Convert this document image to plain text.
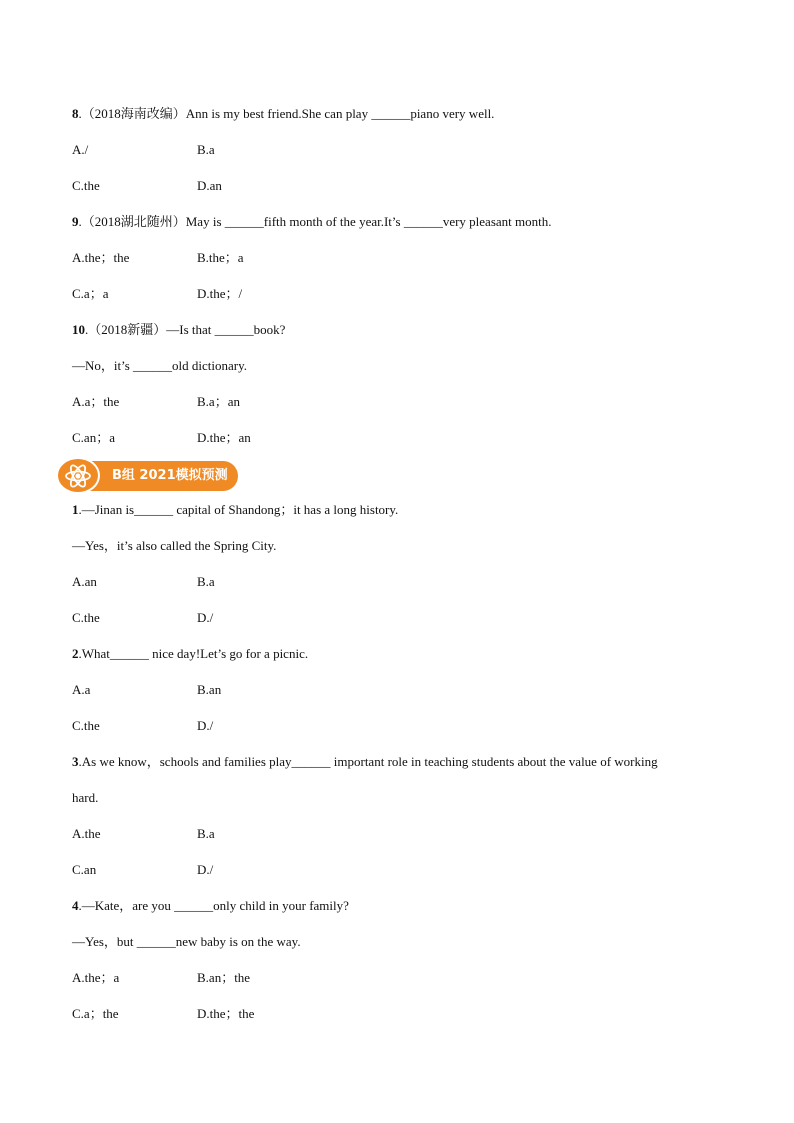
8.（2018海南改编）Ann is my best friend.She can play ______piano very well.
A./	B.a
C.the	D.an
9.（2018湖北随州）May is ______fifth month of the year.It’s ______very pleasant month.
A.the；the	B.the；a
C.a；a	D.the；/
10.（2018新疆）—Is that ______book?
—No，it’s ______old dictionary.
A.a；the	B.a；an
C.an；a	D.the；an
B组 2021模拟预测
1.—Jinan is______ capital of Shandong；it has a long history.
—Yes，it’s also called the Spring City.
A.an	B.a
C.the	D./
2.What______ nice day!Let’s go for a picnic.
A.a	B.an
C.the	D./
3.As we know，schools and families play______ important role in teaching students about the value of working
hard.
A.the	B.a
C.an	D./
4.—Kate，are you ______only child in your family?
—Yes，but ______new baby is on the way.
A.the；a	B.an；the
C.a；the	D.the；the
